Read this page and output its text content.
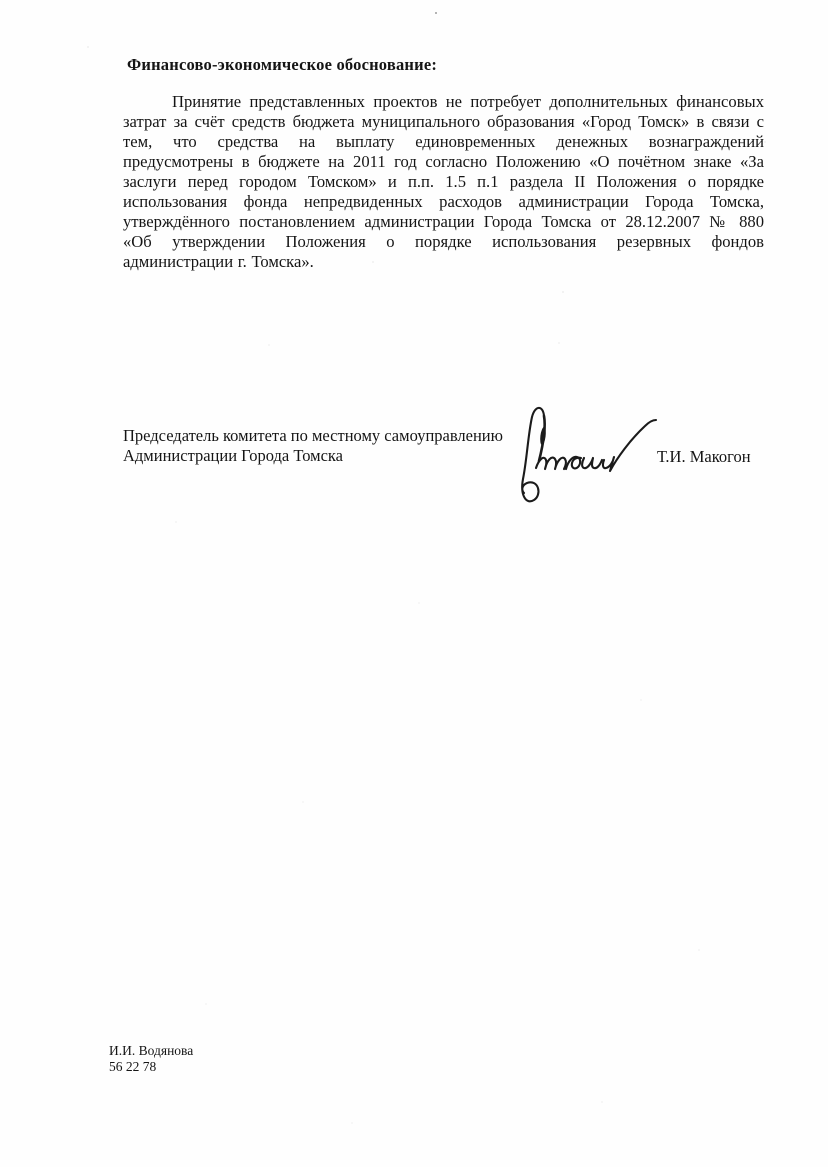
Финансово-экономическое обоснование:
Принятие представленных проектов не потребует дополнительных финансовых
затрат за счёт средств бюджета муниципального образования «Город Томск» в связи с
тем, что средства на выплату единовременных денежных вознаграждений
предусмотрены в бюджете на 2011 год согласно Положению «О почётном знаке «За
заслуги перед городом Томском» и п.п. 1.5 п.1 раздела II Положения о порядке
использования фонда непредвиденных расходов администрации Города Томска,
утверждённого постановлением администрации Города Томска от 28.12.2007 № 880
«Об утверждении Положения о порядке использования резервных фондов
администрации г. Томска».
Председатель комитета по местному самоуправлению
Администрации Города Томска	Т.И. Макогон
И.И. Водянова
56 22 78
